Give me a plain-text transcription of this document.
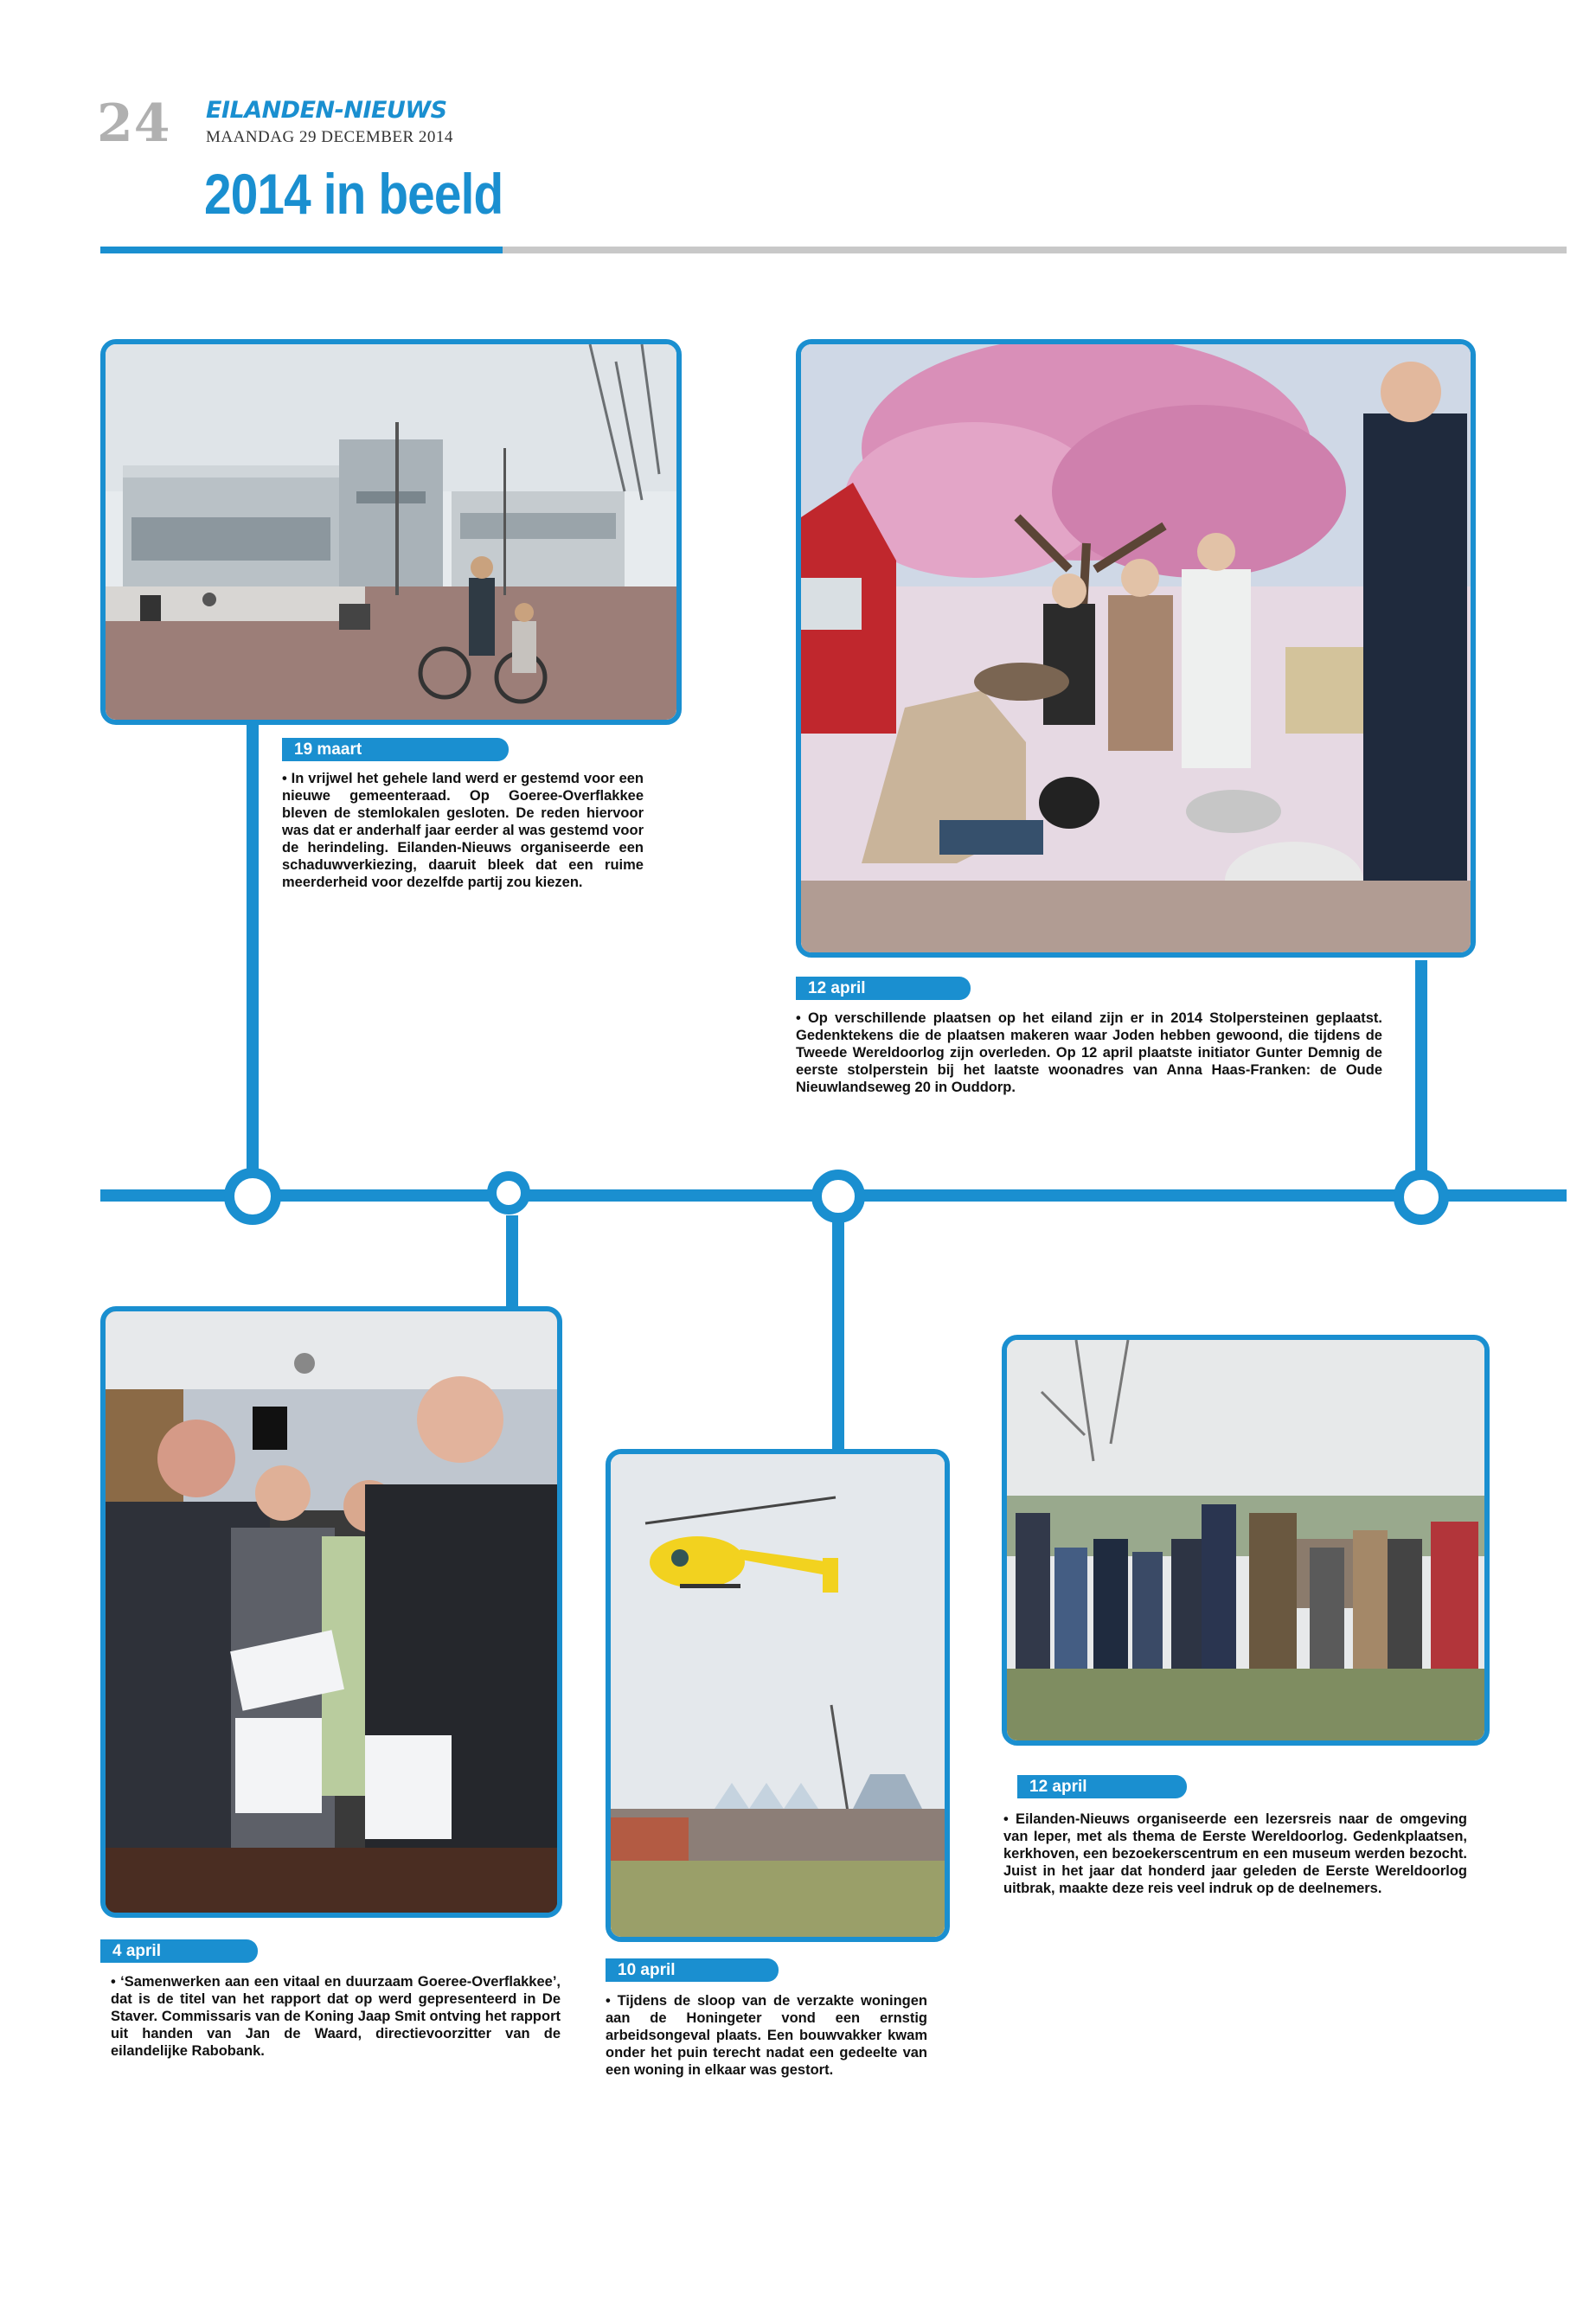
24 EILANDEN-NIEUWS
MAANDAG 29 DECEMBER 2014
2014 in beeld
19 maart
• In vrijwel het gehele land werd er gestemd voor een nieuwe gemeenteraad. Op Goeree-Overflakkee bleven de stemlokalen gesloten. De reden hiervoor was dat er anderhalf jaar eerder al was gestemd voor de herindeling. Eilanden-Nieuws organiseerde een schaduwverkiezing, daaruit bleek dat een ruime meerderheid voor dezelfde partij zou kiezen.
12 april
• Op verschillende plaatsen op het eiland zijn er in 2014 Stolpersteinen geplaatst. Gedenktekens die de plaatsen makeren waar Joden hebben gewoond, die tijdens de Tweede Wereldoorlog zijn overleden. Op 12 april plaatste initiator Gunter Demnig de eerste stolperstein bij het laatste woonadres van Anna Haas-Franken: de Oude Nieuwlandseweg 20 in Ouddorp.
4 april
• ‘Samenwerken aan een vitaal en duurzaam Goeree-Overflakkee’, dat is de titel van het rapport dat op werd gepresenteerd in De Staver. Commissaris van de Koning Jaap Smit ontving het rapport uit handen van Jan de Waard, directievoorzitter van de eilandelijke Rabobank.
10 april
• Tijdens de sloop van de verzakte woningen aan de Honingeter vond een ernstig arbeidsongeval plaats. Een bouwvakker kwam onder het puin terecht nadat een gedeelte van een woning in elkaar was gestort.
12 april
• Eilanden-Nieuws organiseerde een lezersreis naar de omgeving van Ieper, met als thema de Eerste Wereldoorlog. Gedenkplaatsen, kerkhoven, een bezoekerscentrum en een museum werden bezocht. Juist in het jaar dat honderd jaar geleden de Eerste Wereldoorlog uitbrak, maakte deze reis veel indruk op de deelnemers.
